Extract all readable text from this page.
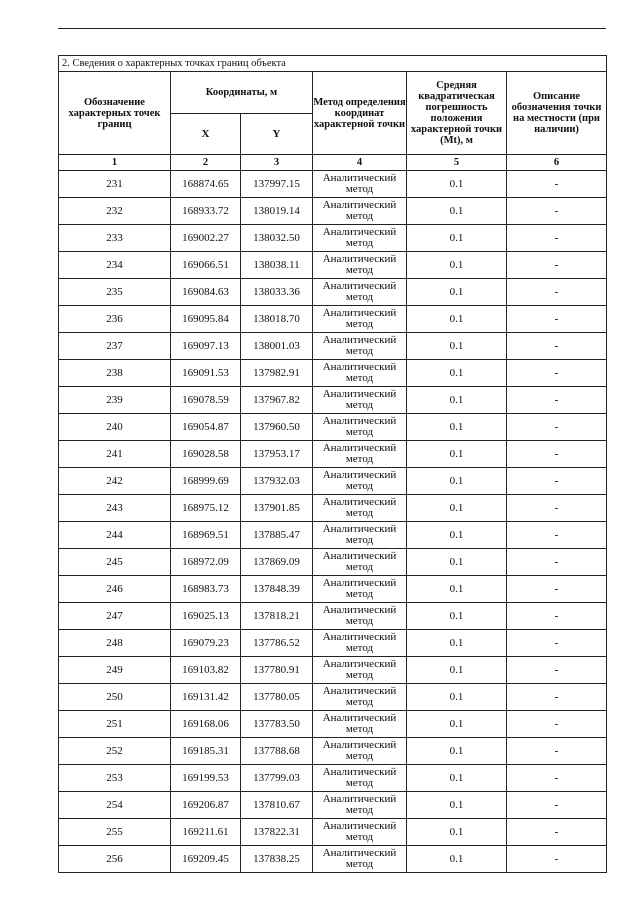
2. Сведения о характерных точках границ объекта					
Обозначение характерных точек границ	Координаты, м		Метод определения координат характерной точки	Средняя квадратическая погрешность положения характерной точки (Mt), м	Описание обозначения точки на местности (при наличии)
	X	Y			
1	2	3	4	5	6
231	168874.65	137997.15	Аналитический метод	0.1	-
232	168933.72	138019.14	Аналитический метод	0.1	-
233	169002.27	138032.50	Аналитический метод	0.1	-
234	169066.51	138038.11	Аналитический метод	0.1	-
235	169084.63	138033.36	Аналитический метод	0.1	-
236	169095.84	138018.70	Аналитический метод	0.1	-
237	169097.13	138001.03	Аналитический метод	0.1	-
238	169091.53	137982.91	Аналитический метод	0.1	-
239	169078.59	137967.82	Аналитический метод	0.1	-
240	169054.87	137960.50	Аналитический метод	0.1	-
241	169028.58	137953.17	Аналитический метод	0.1	-
242	168999.69	137932.03	Аналитический метод	0.1	-
243	168975.12	137901.85	Аналитический метод	0.1	-
244	168969.51	137885.47	Аналитический метод	0.1	-
245	168972.09	137869.09	Аналитический метод	0.1	-
246	168983.73	137848.39	Аналитический метод	0.1	-
247	169025.13	137818.21	Аналитический метод	0.1	-
248	169079.23	137786.52	Аналитический метод	0.1	-
249	169103.82	137780.91	Аналитический метод	0.1	-
250	169131.42	137780.05	Аналитический метод	0.1	-
251	169168.06	137783.50	Аналитический метод	0.1	-
252	169185.31	137788.68	Аналитический метод	0.1	-
253	169199.53	137799.03	Аналитический метод	0.1	-
254	169206.87	137810.67	Аналитический метод	0.1	-
255	169211.61	137822.31	Аналитический метод	0.1	-
256	169209.45	137838.25	Аналитический метод	0.1	-
